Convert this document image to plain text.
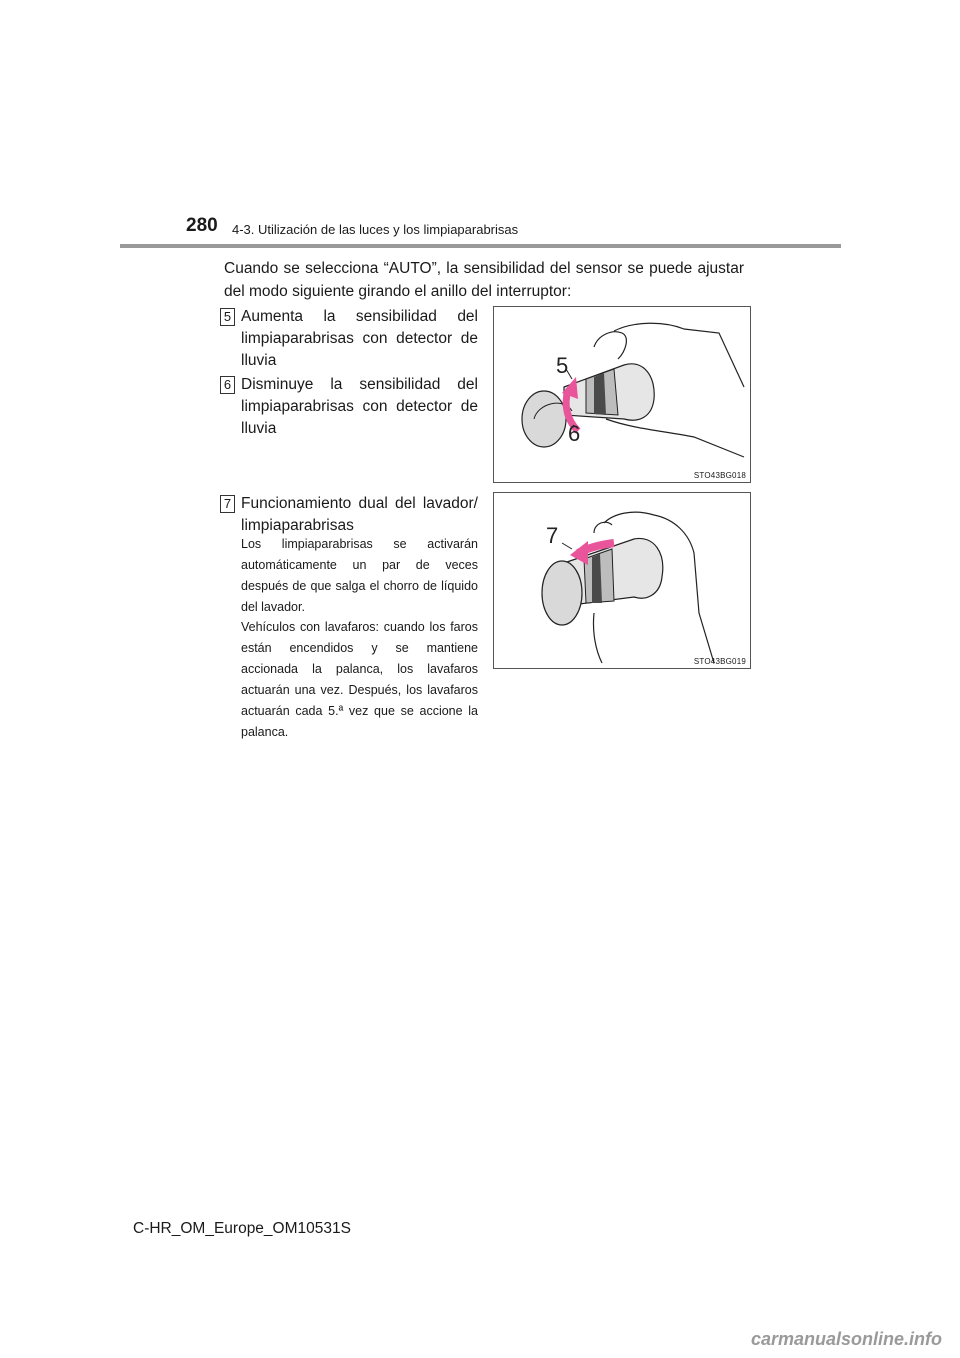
280 4-3. Utilización de las luces y los limpiaparabrisas
Cuando se selecciona “AUTO”, la sensibilidad del sensor se puede ajustar del modo siguiente girando el anillo del interruptor:
5 Aumenta la sensibilidad del limpiaparabrisas con detector de lluvia
6 Disminuye la sensibilidad del limpiaparabrisas con detector de lluvia
7 Funcionamiento dual del lavador/ limpiaparabrisas
Los limpiaparabrisas se activarán automáticamente un par de veces después de que salga el chorro de líquido del lavador.
Vehículos con lavafaros: cuando los faros están encendidos y se mantiene accionada la palanca, los lavafaros actuarán una vez. Después, los lavafaros actuarán cada 5.ª vez que se accione la palanca.
5
6
STO43BG018
7
STO43BG019
C-HR_OM_Europe_OM10531S
carmanualsonline.info
